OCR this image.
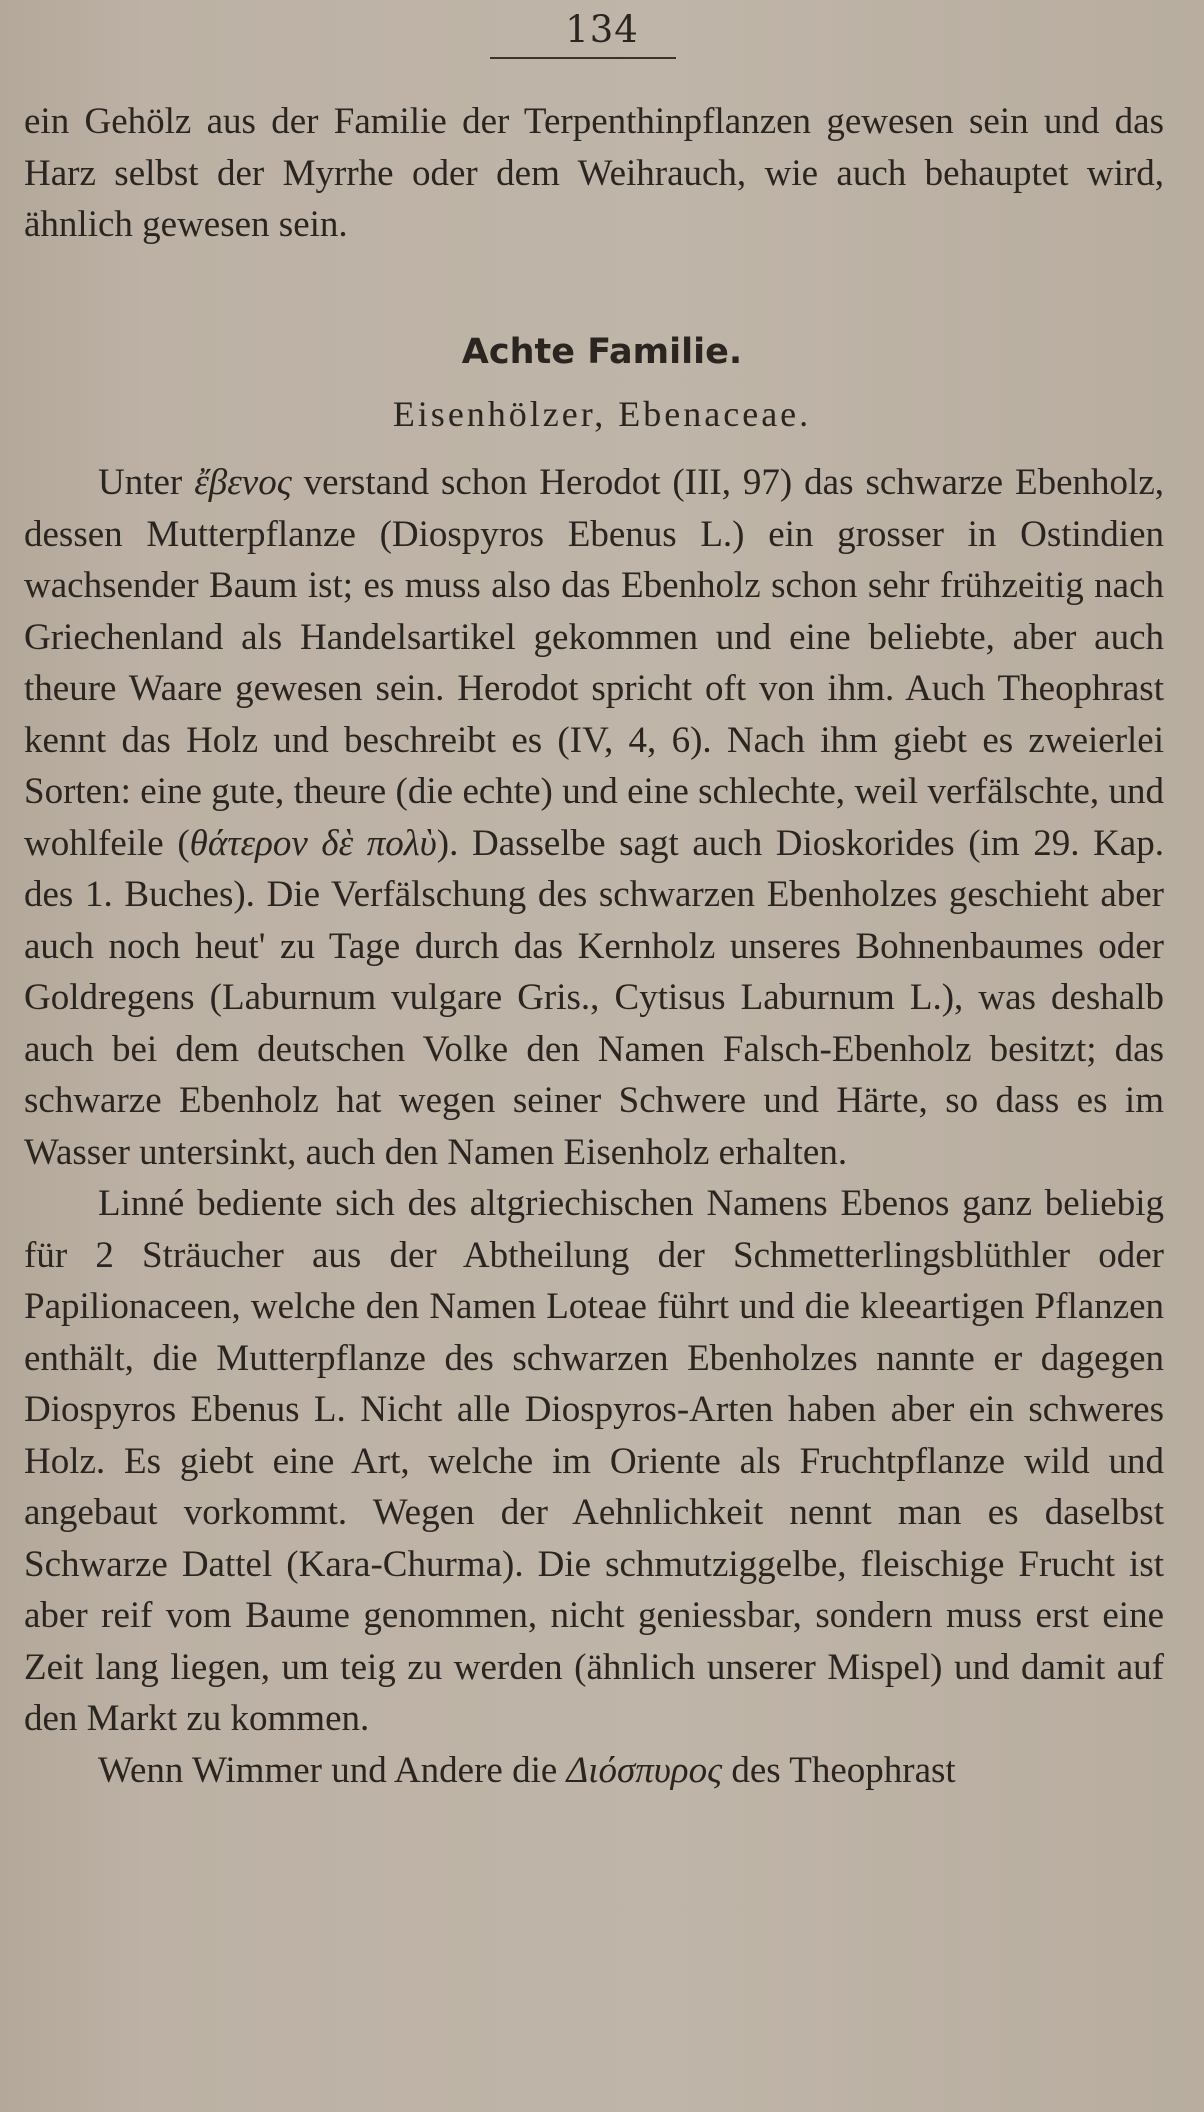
134

ein Gehölz aus der Familie der Terpenthinpflanzen gewesen sein und das Harz selbst der Myrrhe oder dem Weihrauch, wie auch behauptet wird, ähnlich gewesen sein.

Achte Familie.
Eisenhölzer, Ebenaceae.

Unter ἔβενος verstand schon Herodot (III, 97) das schwarze Ebenholz, dessen Mutterpflanze (Diospyros Ebenus L.) ein grosser in Ostindien wachsender Baum ist; es muss also das Ebenholz schon sehr frühzeitig nach Griechenland als Handelsartikel gekommen und eine beliebte, aber auch theure Waare gewesen sein. Herodot spricht oft von ihm. Auch Theophrast kennt das Holz und beschreibt es (IV, 4, 6). Nach ihm giebt es zweierlei Sorten: eine gute, theure (die echte) und eine schlechte, weil verfälschte, und wohlfeile (θάτερον δὲ πολὺ). Dasselbe sagt auch Dioskorides (im 29. Kap. des 1. Buches). Die Verfälschung des schwarzen Ebenholzes geschieht aber auch noch heut' zu Tage durch das Kernholz unseres Bohnenbaumes oder Goldregens (Laburnum vulgare Gris., Cytisus Laburnum L.), was deshalb auch bei dem deutschen Volke den Namen Falsch-Ebenholz besitzt; das schwarze Ebenholz hat wegen seiner Schwere und Härte, so dass es im Wasser untersinkt, auch den Namen Eisenholz erhalten.

Linné bediente sich des altgriechischen Namens Ebenos ganz beliebig für 2 Sträucher aus der Abtheilung der Schmetterlingsblüthler oder Papilionaceen, welche den Namen Loteae führt und die kleeartigen Pflanzen enthält, die Mutterpflanze des schwarzen Ebenholzes nannte er dagegen Diospyros Ebenus L. Nicht alle Diospyros-Arten haben aber ein schweres Holz. Es giebt eine Art, welche im Oriente als Fruchtpflanze wild und angebaut vorkommt. Wegen der Aehnlichkeit nennt man es daselbst Schwarze Dattel (Kara-Churma). Die schmutziggelbe, fleischige Frucht ist aber reif vom Baume genommen, nicht geniessbar, sondern muss erst eine Zeit lang liegen, um teig zu werden (ähnlich unserer Mispel) und damit auf den Markt zu kommen.

Wenn Wimmer und Andere die Διόσπυρος des Theophrast
